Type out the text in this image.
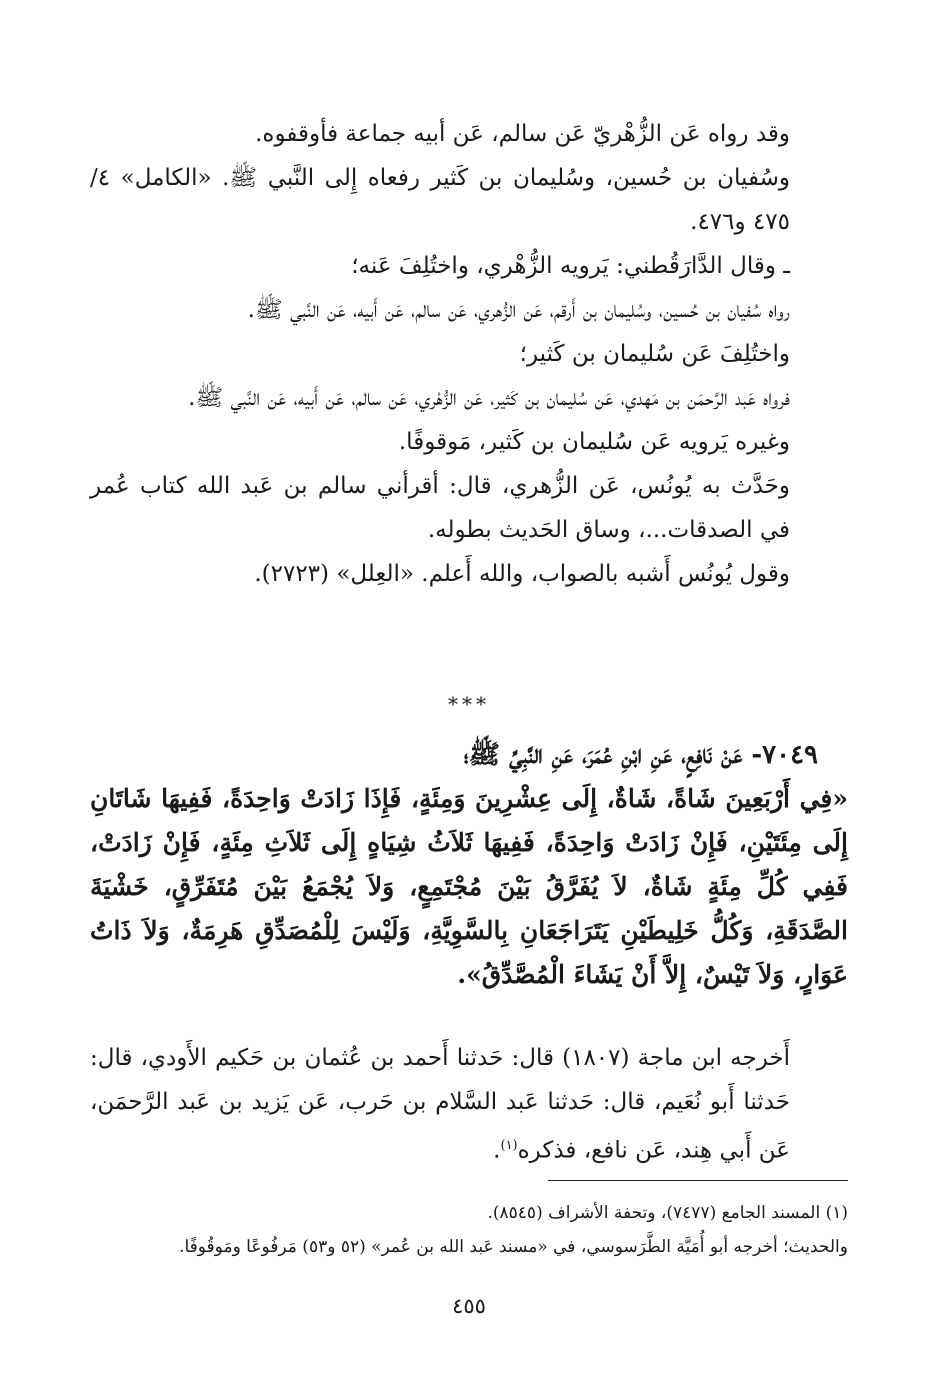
وقد رواه عَن الزُّهْريّ عَن سالم، عَن أبيه جماعة فأوقفوه.

وسُفيان بن حُسين، وسُليمان بن كَثير رفعاه إِلى النَّبي ﷺ. «الكامل» ٤/ ٤٧٥ و٤٧٦.

ـ وقال الدَّارَقُطني: يَرويه الزُّهْري، واختُلِفَ عَنه؛

رواه سُفيان بن حُسين، وسُليمان بن أَرقم، عَن الزُّهري، عَن سالم، عَن أَبيه، عَن النَّبي ﷺ.

واختُلِفَ عَن سُليمان بن كَثير؛

فرواه عَبد الرَّحمَن بن مَهدي، عَن سُليمان بن كَثير، عَن الزُّهْري، عَن سالم، عَن أَبيه، عَن النَّبي ﷺ.

وغيره يَرويه عَن سُليمان بن كَثير، مَوقوفًا.

وحَدَّث به يُونُس، عَن الزُّهري، قال: أقرأني سالم بن عَبد الله كتاب عُمر في الصدقات...، وساق الحَديث بطوله.

وقول يُونُس أَشبه بالصواب، والله أَعلم. «العِلل» (٢٧٢٣).

***

٧٠٤٩- عَنْ نَافِعٍ، عَنِ ابْنِ عُمَرَ، عَنِ النَّبِيِّ ﷺ؛

«فِي أَرْبَعِينَ شَاةً، شَاةٌ، إِلَى عِشْرِينَ وَمِئَةٍ، فَإِذَا زَادَتْ وَاحِدَةً، فَفِيهَا شَاتَانِ إِلَى مِئَتَيْنِ، فَإِنْ زَادَتْ وَاحِدَةً، فَفِيهَا ثَلاَثُ شِيَاهٍ إِلَى ثَلاَثِ مِئَةٍ، فَإِنْ زَادَتْ، فَفِي كُلِّ مِئَةٍ شَاةٌ، لاَ يُفَرَّقُ بَيْنَ مُجْتَمِعٍ، وَلاَ يُجْمَعُ بَيْنَ مُتَفَرِّقٍ، خَشْيَةَ الصَّدَقَةِ، وَكُلُّ خَلِيطَيْنِ يَتَرَاجَعَانِ بِالسَّوِيَّةِ، وَلَيْسَ لِلْمُصَدِّقِ هَرِمَةٌ، وَلاَ ذَاتُ عَوَارٍ، وَلاَ تَيْسٌ، إِلاَّ أَنْ يَشَاءَ الْمُصَّدِّقُ».

أَخرجه ابن ماجة (١٨٠٧) قال: حَدثنا أَحمد بن عُثمان بن حَكيم الأَودي، قال: حَدثنا أَبو نُعَيم، قال: حَدثنا عَبد السَّلام بن حَرب، عَن يَزيد بن عَبد الرَّحمَن، عَن أَبي هِند، عَن نافع، فذكره$^{(١)}$.

(١) المسند الجامع (٧٤٧٧)، وتحفة الأشراف (٨٥٤٥).

والحديث؛ أخرجه أبو أُمَيَّة الطَّرَسوسي، في «مسند عَبد الله بن عُمر» (٥٢ و٥٣) مَرفُوعًا ومَوقُوفًا.

٤٥٥
